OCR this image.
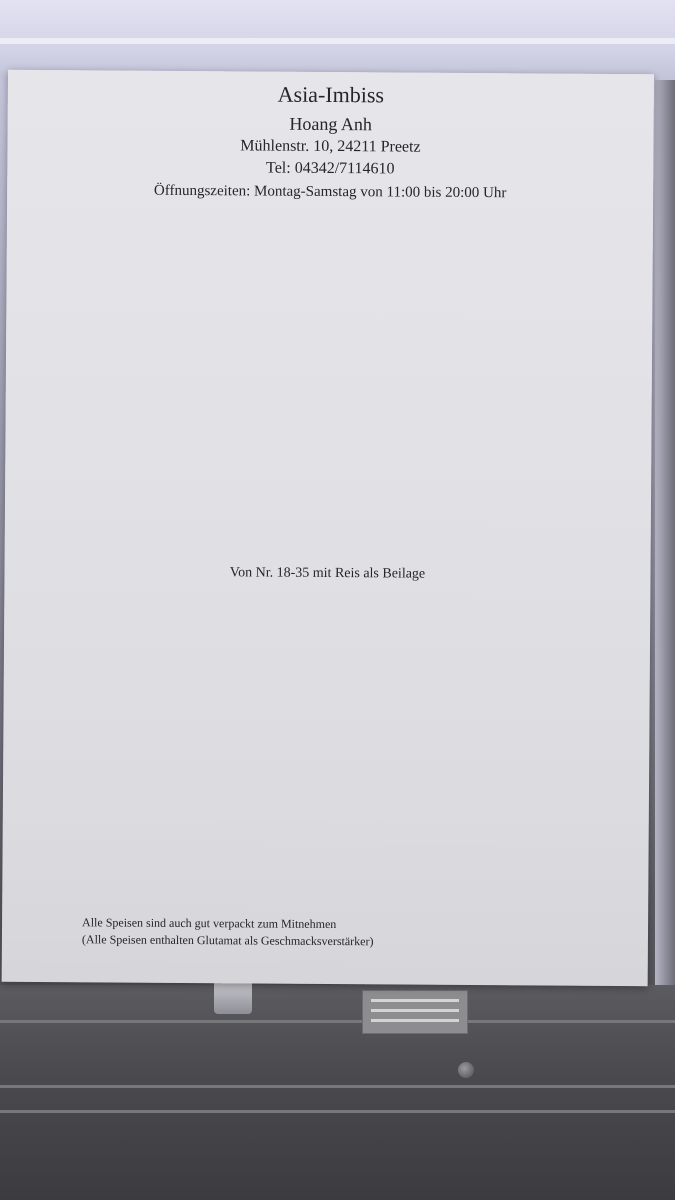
Asia-Imbiss
Hoang Anh
Mühlenstr. 10, 24211 Preetz
Tel: 04342/7114610
Öffnungszeiten: Montag-Samstag von 11:00 bis 20:00 Uhr
Von Nr. 18-35 mit Reis als Beilage
Alle Speisen sind auch gut verpackt zum Mitnehmen
(Alle Speisen enthalten Glutamat als Geschmacksverstärker)
